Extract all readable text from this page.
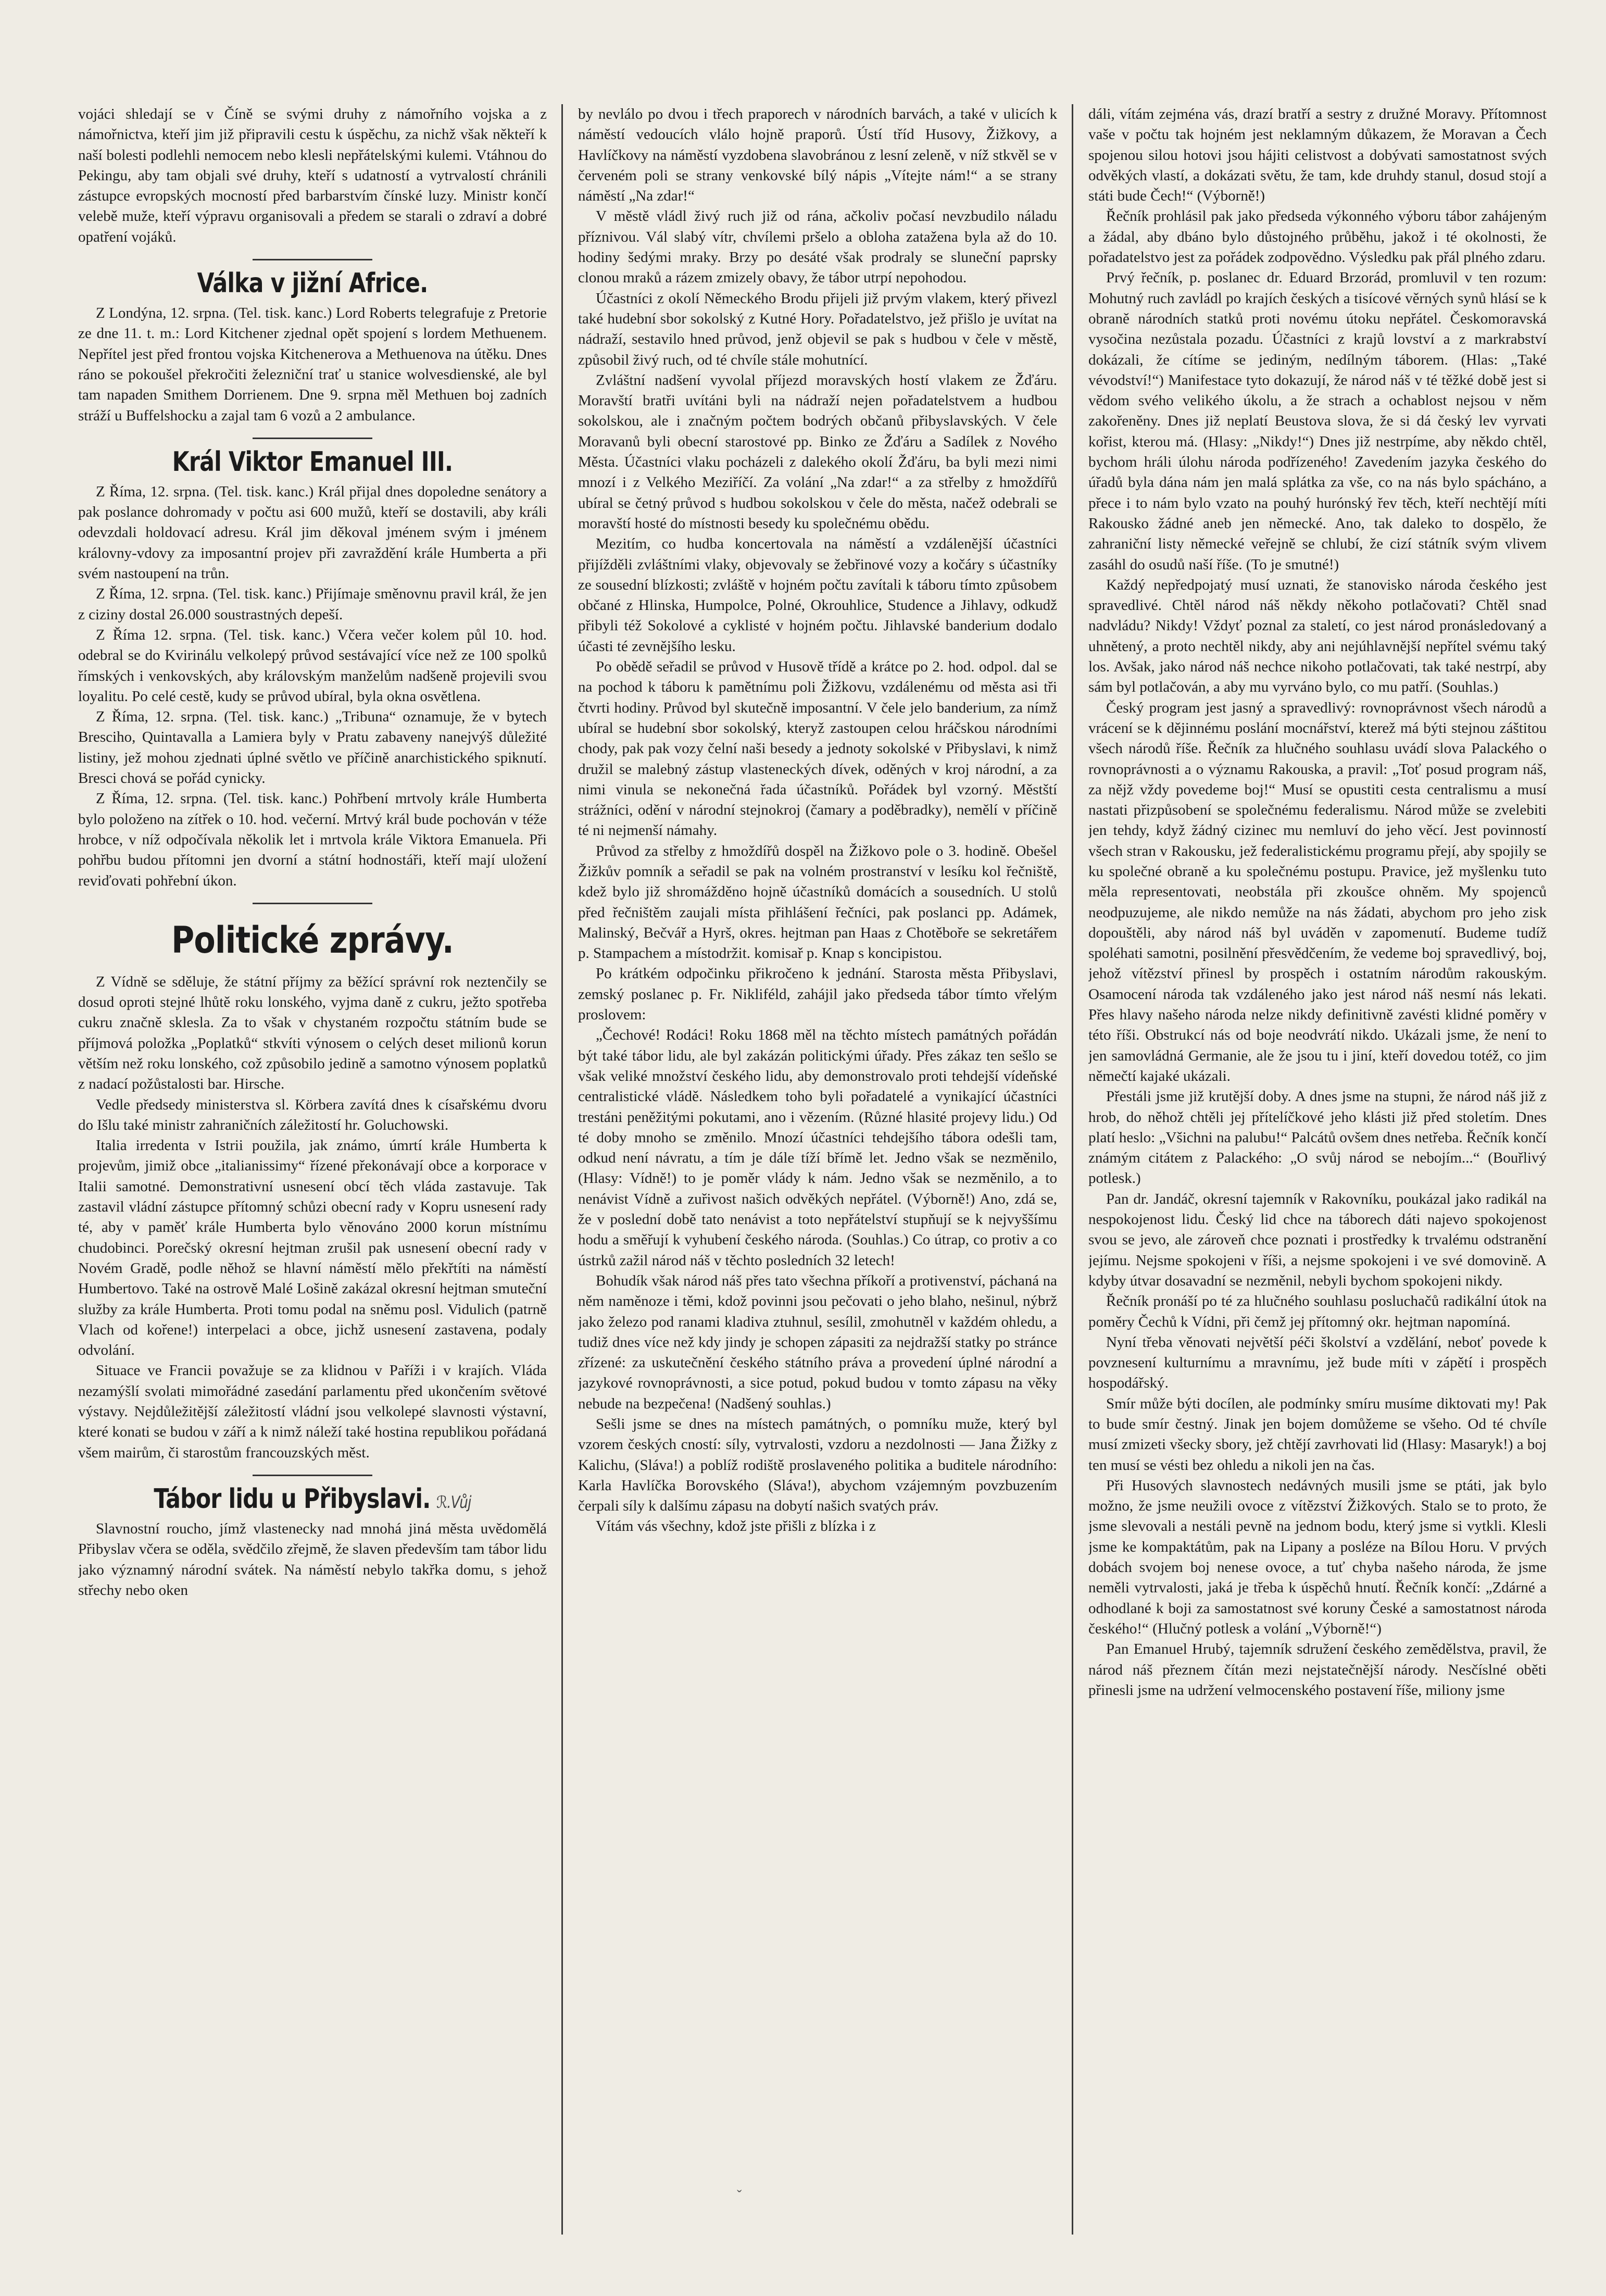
vojáci shledají se v Číně se svými druhy z námořního vojska a z námořnictva, kteří jim již připravili cestu k úspěchu, za nichž však někteří k naší bolesti podlehli nemocem nebo klesli nepřátelskými kulemi. Vtáhnou do Pekingu, aby tam objali své druhy, kteří s udatností a vytrvalostí chránili zástupce evropských mocností před barbarstvím čínské luzy. Ministr končí velebě muže, kteří výpravu organisovali a předem se starali o zdraví a dobré opatření vojáků.

Válka v jižní Africe.

Z Londýna, 12. srpna. (Tel. tisk. kanc.) Lord Roberts telegrafuje z Pretorie ze dne 11. t. m.: Lord Kitchener zjednal opět spojení s lordem Methuenem. Nepřítel jest před frontou vojska Kitchenerova a Methuenova na útěku. Dnes ráno se pokoušel překročiti železniční trať u stanice wolvesdienské, ale byl tam napaden Smithem Dorrienem. Dne 9. srpna měl Methuen boj zadních stráží u Buffelshocku a zajal tam 6 vozů a 2 ambulance.

Král Viktor Emanuel III.

Z Říma, 12. srpna. (Tel. tisk. kanc.) Král přijal dnes dopoledne senátory a pak poslance dohromady v počtu asi 600 mužů, kteří se dostavili, aby králi odevzdali holdovací adresu. Král jim děkoval jménem svým i jménem královny-vdovy za imposantní projev při zavraždění krále Humberta a při svém nastoupení na trůn.

Z Říma, 12. srpna. (Tel. tisk. kanc.) Přijímaje směnovnu pravil král, že jen z ciziny dostal 26.000 soustrastných depeší.

Z Říma 12. srpna. (Tel. tisk. kanc.) Včera večer kolem půl 10. hod. odebral se do Kvirinálu velkolepý průvod sestávající více než ze 100 spolků římských i venkovských, aby královským manželům nadšeně projevili svou loyalitu. Po celé cestě, kudy se průvod ubíral, byla okna osvětlena.

Z Říma, 12. srpna. (Tel. tisk. kanc.) „Tribuna“ oznamuje, že v bytech Bresciho, Quintavalla a Lamiera byly v Pratu zabaveny nanejvýš důležité listiny, jež mohou zjednati úplné světlo ve příčině anarchistického spiknutí. Bresci chová se pořád cynicky.

Z Říma, 12. srpna. (Tel. tisk. kanc.) Pohřbení mrtvoly krále Humberta bylo položeno na zítřek o 10. hod. večerní. Mrtvý král bude pochován v téže hrobce, v níž odpočívala několik let i mrtvola krále Viktora Emanuela. Při pohřbu budou přítomni jen dvorní a státní hodnostáři, kteří mají uložení reviďovati pohřební úkon.

Politické zprávy.

Z Vídně se sděluje, že státní příjmy za běžící správní rok neztenčily se dosud oproti stejné lhůtě roku lonského, vyjma daně z cukru, ježto spotřeba cukru značně sklesla. Za to však v chystaném rozpočtu státním bude se příjmová položka „Poplatků“ stkvíti výnosem o celých deset milionů korun větším než roku lonského, což způsobilo jedině a samotno výnosem poplatků z nadací požůstalosti bar. Hirsche.

Vedle předsedy ministerstva sl. Körbera zavítá dnes k císařskému dvoru do Išlu také ministr zahraničních záležitostí hr. Goluchowski.

Italia irredenta v Istrii použila, jak známo, úmrtí krále Humberta k projevům, jimiž obce „italianissimy“ řízené překonávají obce a korporace v Italii samotné. Demonstrativní usnesení obcí těch vláda zastavuje. Tak zastavil vládní zástupce přítomný schůzi obecní rady v Kopru usnesení rady té, aby v paměť krále Humberta bylo věnováno 2000 korun místnímu chudobinci. Porečský okresní hejtman zrušil pak usnesení obecní rady v Novém Gradě, podle něhož se hlavní náměstí mělo překřtíti na náměstí Humbertovo. Také na ostrově Malé Lošině zakázal okresní hejtman smuteční služby za krále Humberta. Proti tomu podal na sněmu posl. Vidulich (patrně Vlach od kořene!) interpelaci a obce, jichž usnesení zastavena, podaly odvolání.

Situace ve Francii považuje se za klidnou v Paříži i v krajích. Vláda nezamýšlí svolati mimořádné zasedání parlamentu před ukončením světové výstavy. Nejdůležitější záležitostí vládní jsou velkolepé slavnosti výstavní, které konati se budou v září a k nimž náleží také hostina republikou pořádaná všem mairům, či starostům francouzských měst.

Tábor lidu u Přibyslavi. ℛ.Vůj

Slavnostní roucho, jímž vlastenecky nad mnohá jiná města uvědomělá Přibyslav včera se oděla, svědčilo zřejmě, že slaven především tam tábor lidu jako významný národní svátek. Na náměstí nebylo takřka domu, s jehož střechy nebo oken

by nevlálo po dvou i třech praporech v národních barvách, a také v ulicích k náměstí vedoucích vlálo hojně praporů. Ústí tříd Husovy, Žižkovy, a Havlíčkovy na náměstí vyzdobena slavobránou z lesní zeleně, v níž stkvěl se v červeném poli se strany venkovské bílý nápis „Vítejte nám!“ a se strany náměstí „Na zdar!“

V městě vládl živý ruch již od rána, ačkoliv počasí nevzbudilo náladu příznivou. Vál slabý vítr, chvílemi pršelo a obloha zatažena byla až do 10. hodiny šedými mraky. Brzy po desáté však prodraly se sluneční paprsky clonou mraků a rázem zmizely obavy, že tábor utrpí nepohodou.

Účastníci z okolí Německého Brodu přijeli již prvým vlakem, který přivezl také hudební sbor sokolský z Kutné Hory. Pořadatelstvo, jež přišlo je uvítat na nádraží, sestavilo hned průvod, jenž objevil se pak s hudbou v čele v městě, způsobil živý ruch, od té chvíle stále mohutnící.

Zvláštní nadšení vyvolal příjezd moravských hostí vlakem ze Žďáru. Moravští bratři uvítáni byli na nádraží nejen pořadatelstvem a hudbou sokolskou, ale i značným počtem bodrých občanů přibyslavských. V čele Moravanů byli obecní starostové pp. Binko ze Žďáru a Sadílek z Nového Města. Účastníci vlaku pocházeli z dalekého okolí Žďáru, ba byli mezi nimi mnozí i z Velkého Meziříčí. Za volání „Na zdar!“ a za střelby z hmoždířů ubíral se četný průvod s hudbou sokolskou v čele do města, načež odebrali se moravští hosté do místnosti besedy ku společnému obědu.

Mezitím, co hudba koncertovala na náměstí a vzdálenější účastníci přijížděli zvláštními vlaky, objevovaly se žebřinové vozy a kočáry s účastníky ze sousední blízkosti; zvláště v hojném počtu zavítali k táboru tímto způsobem občané z Hlinska, Humpolce, Polné, Okrouhlice, Studence a Jihlavy, odkudž přibyli též Sokolové a cyklisté v hojném počtu. Jihlavské banderium dodalo účasti té zevnějšího lesku.

Po obědě seřadil se průvod v Husově třídě a krátce po 2. hod. odpol. dal se na pochod k táboru k pamětnímu poli Žižkovu, vzdálenému od města asi tři čtvrti hodiny. Průvod byl skutečně imposantní. V čele jelo banderium, za nímž ubíral se hudební sbor sokolský, kteryž zastoupen celou hráčskou národními chody, pak pak vozy čelní naši besedy a jednoty sokolské v Přibyslavi, k nimž družil se malebný zástup vlasteneckých dívek, oděných v kroj národní, a za nimi vinula se nekonečná řada účastníků. Pořádek byl vzorný. Městští strážníci, odění v národní stejnokroj (čamary a poděbradky), nemělí v příčině té ni nejmenší námahy.

Průvod za střelby z hmoždířů dospěl na Žižkovo pole o 3. hodině. Obešel Žižkův pomník a seřadil se pak na volném prostranství v lesíku kol řečniště, kdež bylo již shromážděno hojně účastníků domácích a sousedních. U stolů před řečništěm zaujali místa přihlášení řečníci, pak poslanci pp. Adámek, Malinský, Bečvář a Hyrš, okres. hejtman pan Haas z Chotěboře se sekretářem p. Stampachem a místodržit. komisař p. Knap s koncipistou.

Po krátkém odpočinku přikročeno k jednání. Starosta města Přibyslavi, zemský poslanec p. Fr. Nikliféld, zahájil jako předseda tábor tímto vřelým proslovem:

„Čechové! Rodáci! Roku 1868 měl na těchto místech památných pořádán být také tábor lidu, ale byl zakázán politickými úřady. Přes zákaz ten sešlo se však veliké množství českého lidu, aby demonstrovalo proti tehdejší vídeňské centralistické vládě. Následkem toho byli pořadatelé a vynikající účastníci trestáni peněžitými pokutami, ano i vězením. (Různé hlasité projevy lidu.) Od té doby mnoho se změnilo. Mnozí účastníci tehdejšího tábora odešli tam, odkud není návratu, a tím je dále tíží břímě let. Jedno však se nezměnilo, (Hlasy: Vídně!) to je poměr vlády k nám. Jedno však se nezměnilo, a to nenávist Vídně a zuřivost našich odvěkých nepřátel. (Výborně!) Ano, zdá se, že v poslední době tato nenávist a toto nepřátelství stupňují se k nejvyššímu hodu a směřují k vyhubení českého národa. (Souhlas.) Co útrap, co protiv a co ústrků zažil národ náš v těchto posledních 32 letech!

Bohudík však národ náš přes tato všechna příkoří a protivenství, páchaná na něm naměnoze i těmi, kdož povinni jsou pečovati o jeho blaho, nešinul, nýbrž jako železo pod ranami kladiva ztuhnul, sesílil, zmohutněl v každém ohledu, a tudiž dnes více než kdy jindy je schopen zápasiti za nejdražší statky po stránce zřízené: za uskutečnění českého státního práva a provedení úplné národní a jazykové rovnoprávnosti, a sice potud, pokud budou v tomto zápasu na věky nebude na bezpečena! (Nadšený souhlas.)

Sešli jsme se dnes na místech památných, o pomníku muže, který byl vzorem českých cností: síly, vytrvalosti, vzdoru a nezdolnosti — Jana Žižky z Kalichu, (Sláva!) a poblíž rodiště proslaveného politika a buditele národního: Karla Havlíčka Borovského (Sláva!), abychom vzájemným povzbuzením čerpali síly k dalšímu zápasu na dobytí našich svatých práv.

Vítám vás všechny, kdož jste přišli z blízka i z

dáli, vítám zejména vás, drazí bratří a sestry z družné Moravy. Přítomnost vaše v počtu tak hojném jest neklamným důkazem, že Moravan a Čech spojenou silou hotovi jsou hájiti celistvost a dobývati samostatnost svých odvěkých vlastí, a dokázati světu, že tam, kde druhdy stanul, dosud stojí a státi bude Čech!“ (Výborně!)

Řečník prohlásil pak jako předseda výkonného výboru tábor zahájeným a žádal, aby dbáno bylo důstojného průběhu, jakož i té okolnosti, že pořadatelstvo jest za pořádek zodpovědno. Výsledku pak přál plného zdaru.

Prvý řečník, p. poslanec dr. Eduard Brzorád, promluvil v ten rozum: Mohutný ruch zavládl po krajích českých a tisícové věrných synů hlásí se k obraně národních statků proti novému útoku nepřátel. Českomoravská vysočina nezůstala pozadu. Účastníci z krajů lovství a z markrabství dokázali, že cítíme se jediným, nedílným táborem. (Hlas: „Také vévodství!“) Manifestace tyto dokazují, že národ náš v té těžké době jest si vědom svého velikého úkolu, a že strach a ochablost nejsou v něm zakořeněny. Dnes již neplatí Beustova slova, že si dá český lev vyrvati kořist, kterou má. (Hlasy: „Nikdy!“) Dnes již nestrpíme, aby někdo chtěl, bychom hráli úlohu národa podřízeného! Zavedením jazyka českého do úřadů byla dána nám jen malá splátka za vše, co na nás bylo spácháno, a přece i to nám bylo vzato na pouhý hurónský řev těch, kteří nechtějí míti Rakousko žádné aneb jen německé. Ano, tak daleko to dospělo, že zahraniční listy německé veřejně se chlubí, že cizí státník svým vlivem zasáhl do osudů naší říše. (To je smutné!)

Každý nepředpojatý musí uznati, že stanovisko národa českého jest spravedlivé. Chtěl národ náš někdy někoho potlačovati? Chtěl snad nadvládu? Nikdy! Vždyť poznal za staletí, co jest národ pronásledovaný a uhnětený, a proto nechtěl nikdy, aby ani nejúhlavnější nepřítel svému taký los. Avšak, jako národ náš nechce nikoho potlačovati, tak také nestrpí, aby sám byl potlačován, a aby mu vyrváno bylo, co mu patří. (Souhlas.)

Český program jest jasný a spravedlivý: rovnoprávnost všech národů a vrácení se k dějinnému poslání mocnářství, kterež má býti stejnou záštitou všech národů říše. Řečník za hlučného souhlasu uvádí slova Palackého o rovnoprávnosti a o významu Rakouska, a pravil: „Toť posud program náš, za nějž vždy povedeme boj!“ Musí se opustiti cesta centralismu a musí nastati přizpůsobení se společnému federalismu. Národ může se zvelebiti jen tehdy, když žádný cizinec mu nemluví do jeho věcí. Jest povinností všech stran v Rakousku, jež federalistickému programu přejí, aby spojily se ku společné obraně a ku společnému postupu. Pravice, jež myšlenku tuto měla representovati, neobstála při zkoušce ohněm. My spojenců neodpuzujeme, ale nikdo nemůže na nás žádati, abychom pro jeho zisk dopouštěli, aby národ náš byl uváděn v zapomenutí. Budeme tudíž spoléhati samotni, posilnění přesvědčením, že vedeme boj spravedlivý, boj, jehož vítězství přinesl by prospěch i ostatním národům rakouským. Osamocení národa tak vzdáleného jako jest národ náš nesmí nás lekati. Přes hlavy našeho národa nelze nikdy definitivně zavésti klidné poměry v této říši. Obstrukcí nás od boje neodvrátí nikdo. Ukázali jsme, že není to jen samovládná Germanie, ale že jsou tu i jiní, kteří dovedou totéž, co jim němečtí kajaké ukázali.

Přestáli jsme již krutější doby. A dnes jsme na stupni, že národ náš již z hrob, do něhož chtěli jej přítelíčkové jeho klásti již před stoletím. Dnes platí heslo: „Všichni na palubu!“ Palcátů ovšem dnes netřeba. Řečník končí známým citátem z Palackého: „O svůj národ se nebojím...“ (Bouřlivý potlesk.)

Pan dr. Jandáč, okresní tajemník v Rakovníku, poukázal jako radikál na nespokojenost lidu. Český lid chce na táborech dáti najevo spokojenost svou se jevo, ale zároveň chce poznati i prostředky k trvalému odstranění jejímu. Nejsme spokojeni v říši, a nejsme spokojeni i ve své domovině. A kdyby útvar dosavadní se nezměnil, nebyli bychom spokojeni nikdy.

Řečník pronáší po té za hlučného souhlasu posluchačů radikální útok na poměry Čechů k Vídni, při čemž jej přítomný okr. hejtman napomíná.

Nyní třeba věnovati největší péči školství a vzdělání, neboť povede k povznesení kulturnímu a mravnímu, jež bude míti v zápětí i prospěch hospodářský.

Smír může býti docílen, ale podmínky smíru musíme diktovati my! Pak to bude smír čestný. Jinak jen bojem domůžeme se všeho. Od té chvíle musí zmizeti všecky sbory, jež chtějí zavrhovati lid (Hlasy: Masaryk!) a boj ten musí se vésti bez ohledu a nikoli jen na čas.

Při Husových slavnostech nedávných musili jsme se ptáti, jak bylo možno, že jsme neužili ovoce z vítězství Žižkových. Stalo se to proto, že jsme slevovali a nestáli pevně na jednom bodu, který jsme si vytkli. Klesli jsme ke kompaktátům, pak na Lipany a posléze na Bílou Horu. V prvých dobách svojem boj nenese ovoce, a tuť chyba našeho národa, že jsme neměli vytrvalosti, jaká je třeba k úspěchů hnutí. Řečník končí: „Zdárné a odhodlané k boji za samostatnost své koruny České a samostatnost národa českého!“ (Hlučný potlesk a volání „Výborně!“)

Pan Emanuel Hrubý, tajemník sdružení českého zemědělstva, pravil, že národ náš přeznem čítán mezi nejstatečnější národy. Nesčíslné oběti přinesli jsme na udržení velmocenského postavení říše, miliony jsme

ˇ
